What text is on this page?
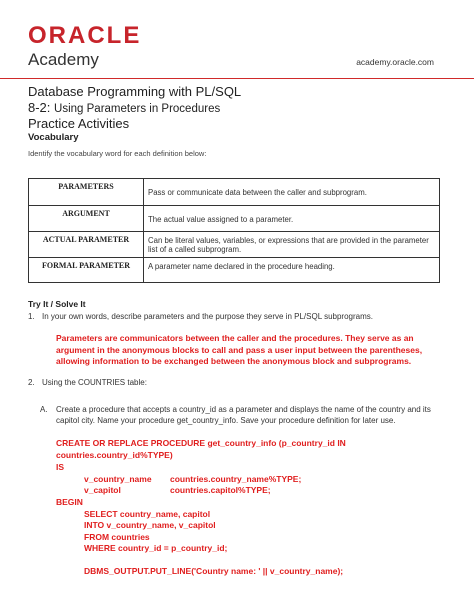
ORACLE
Academy	academy.oracle.com
Database Programming with PL/SQL
8-2: Using Parameters in Procedures
Practice Activities
Vocabulary
Identify the vocabulary word for each definition below:
PARAMETERS	Pass or communicate data between the caller and subprogram.

ARGUMENT	The actual value assigned to a parameter.

ACTUAL PARAMETER	Can be literal values, variables, or expressions that are provided in the parameter list of a called subprogram.

FORMAL PARAMETER	A parameter name declared in the procedure heading.
Try It / Solve It
1. In your own words, describe parameters and the purpose they serve in PL/SQL subprograms.
Parameters are communicators between the caller and the procedures. They serve as an argument in the anonymous blocks to call and pass a user input between the parentheses, allowing information to be exchanged between the anonymous block and subprograms.
2. Using the COUNTRIES table:
A. Create a procedure that accepts a country_id as a parameter and displays the name of the country and its capitol city. Name your procedure get_country_info. Save your procedure definition for later use.
CREATE OR REPLACE PROCEDURE get_country_info (p_country_id IN
countries.country_id%TYPE)
IS
v_country_name countries.country_name%TYPE;
v_capitol	countries.capitol%TYPE;
BEGIN
SELECT country_name, capitol
INTO v_country_name, v_capitol
FROM countries
WHERE country_id = p_country_id;
DBMS_OUTPUT.PUT_LINE('Country name: ' || v_country_name);
